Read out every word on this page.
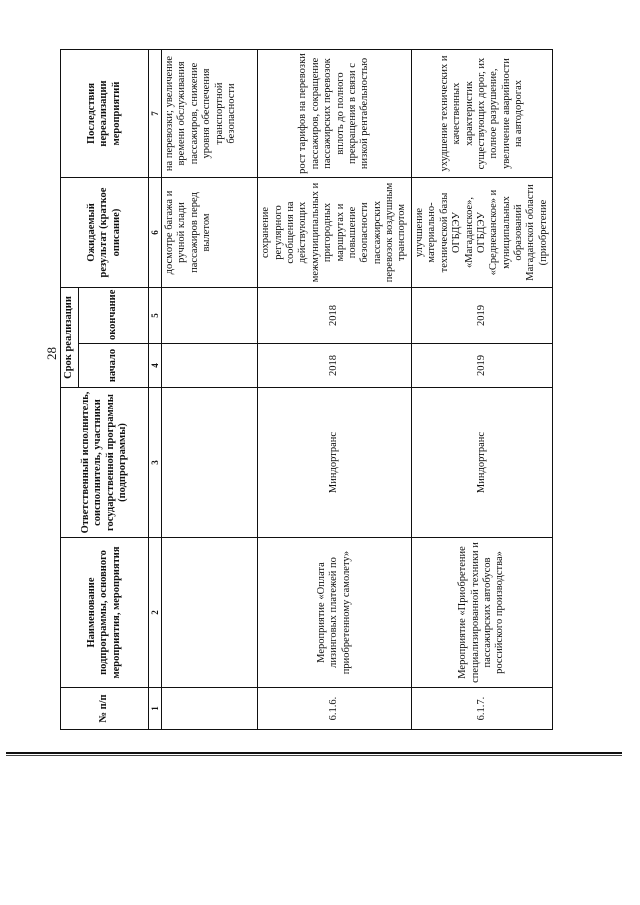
28
№ п/п	Наименование подпрограммы, основного мероприятия, мероприятия	Ответственный исполнитель, соисполнитель, участники государственной программы (подпрограммы)	Срок реализации		Ожидаемый результат (краткое описание)	Последствия нереализации мероприятий
			начало	окончание		
1	2	3	4	5	6	7
					досмотре багажа и ручной клади пассажиров перед вылетом	на перевозки; увеличение времени обслуживания пассажиров, снижение уровня обеспечения транспортной безопасности
6.1.6.	Мероприятие «Оплата лизинговых платежей по приобретенному самолету»	Миндортранс	2018	2018	сохранение регулярного сообщения на действующих межмуниципальных и пригородных маршрутах и повышение безопасности пассажирских перевозок воздушным транспортом	рост тарифов на перевозки пассажиров, сокращение пассажирских перевозок вплоть до полного прекращения в связи с низкой рентабельностью
6.1.7.	Мероприятие «Приобретение специализированной техники и пассажирских автобусов российского производства»	Миндортранс	2019	2019	улучшение материально-технической базы ОГБДЭУ «Магаданское», ОГБДЭУ «Среднеканское» и муниципальных образований Магаданской области (приобретение	ухудшение технических и качественных характеристик существующих дорог, их полное разрушение, увеличение аварийности на автодорогах
